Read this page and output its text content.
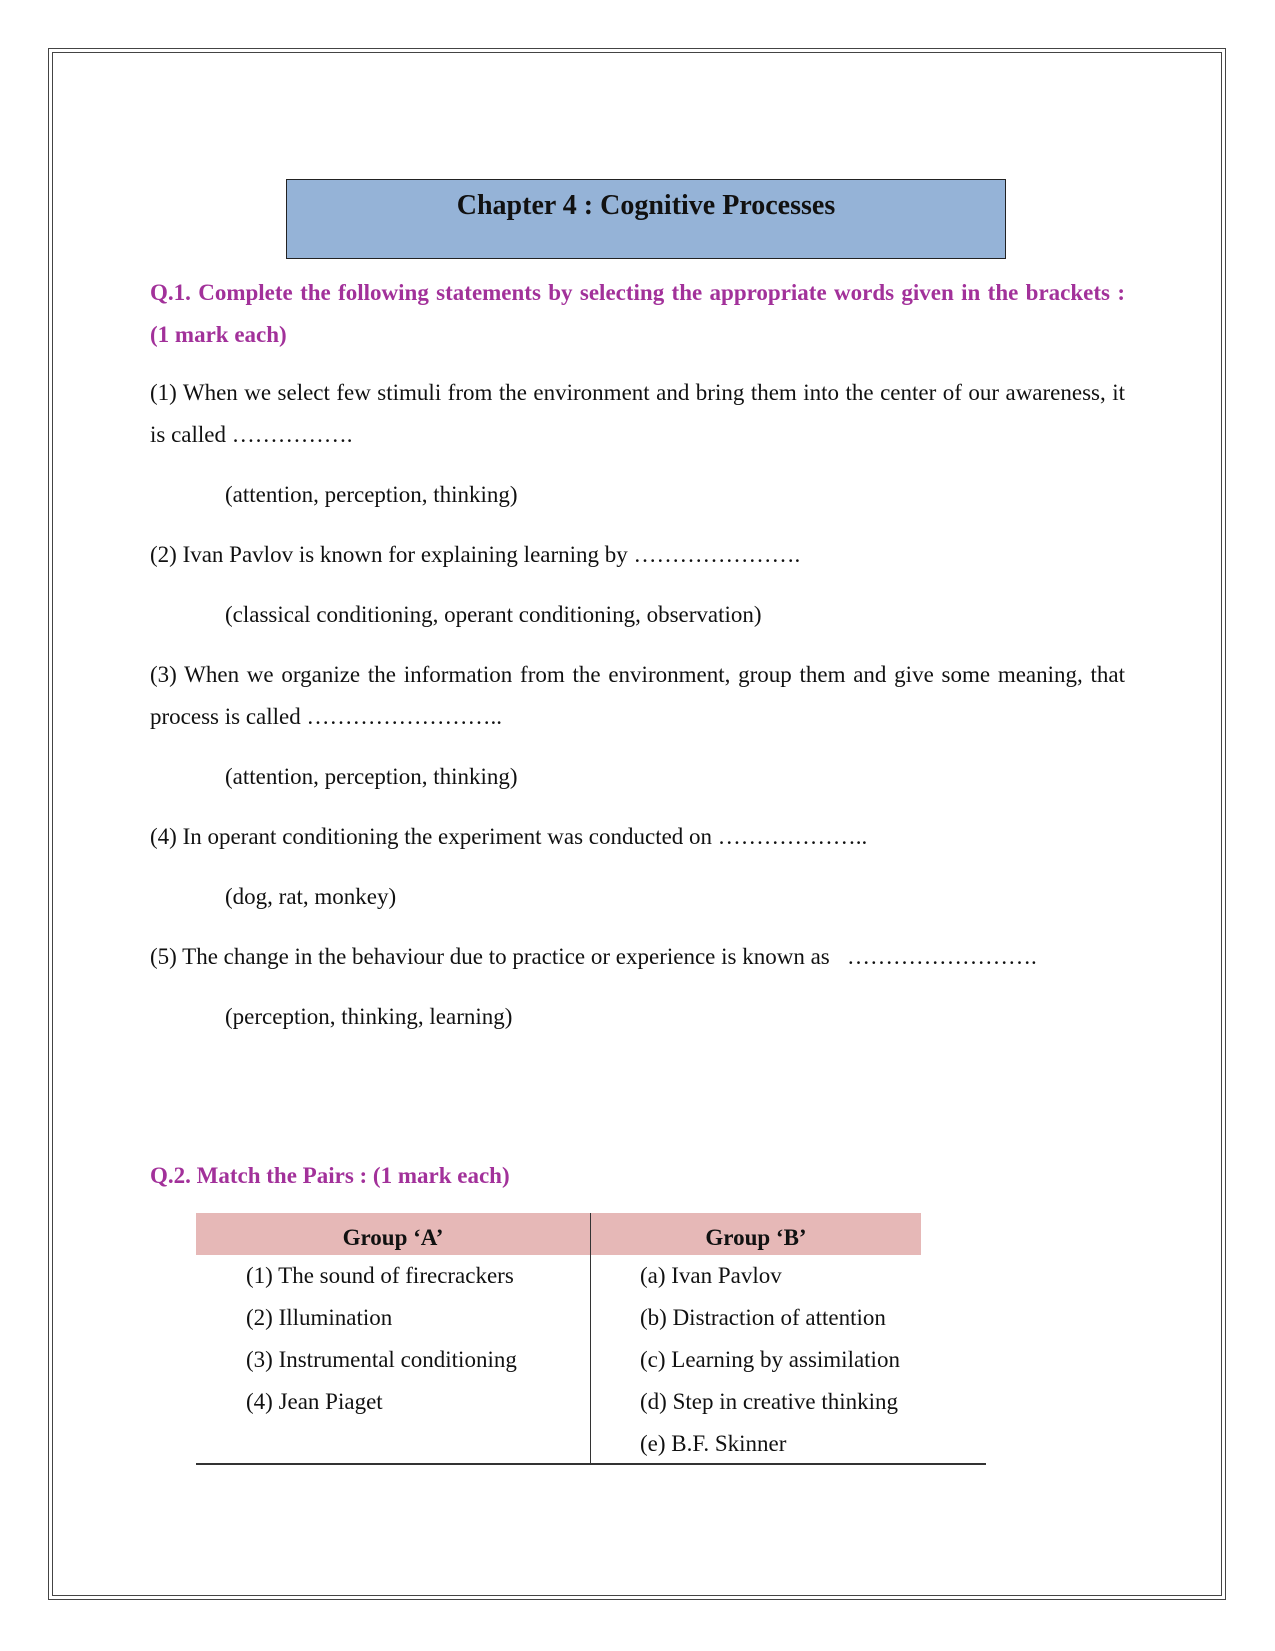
Chapter 4 : Cognitive Processes
Q.1. Complete the following statements by selecting the appropriate words given in the brackets : (1 mark each)
(1) When we select few stimuli from the environment and bring them into the center of our awareness, it is called …………….
(attention, perception, thinking)
(2) Ivan Pavlov is known for explaining learning by ………………….
(classical conditioning, operant conditioning, observation)
(3) When we organize the information from the environment, group them and give some meaning, that process is called ……………………..
(attention, perception, thinking)
(4) In operant conditioning the experiment was conducted on ………………..
(dog, rat, monkey)
(5) The change in the behaviour due to practice or experience is known as   …………………….
(perception, thinking, learning)
Q.2. Match the Pairs : (1 mark each)
Group ‘A’	Group ‘B’
(1) The sound of firecrackers
(2) Illumination
(3) Instrumental conditioning
(4) Jean Piaget
(a) Ivan Pavlov
(b) Distraction of attention
(c) Learning by assimilation
(d) Step in creative thinking
(e) B.F. Skinner
